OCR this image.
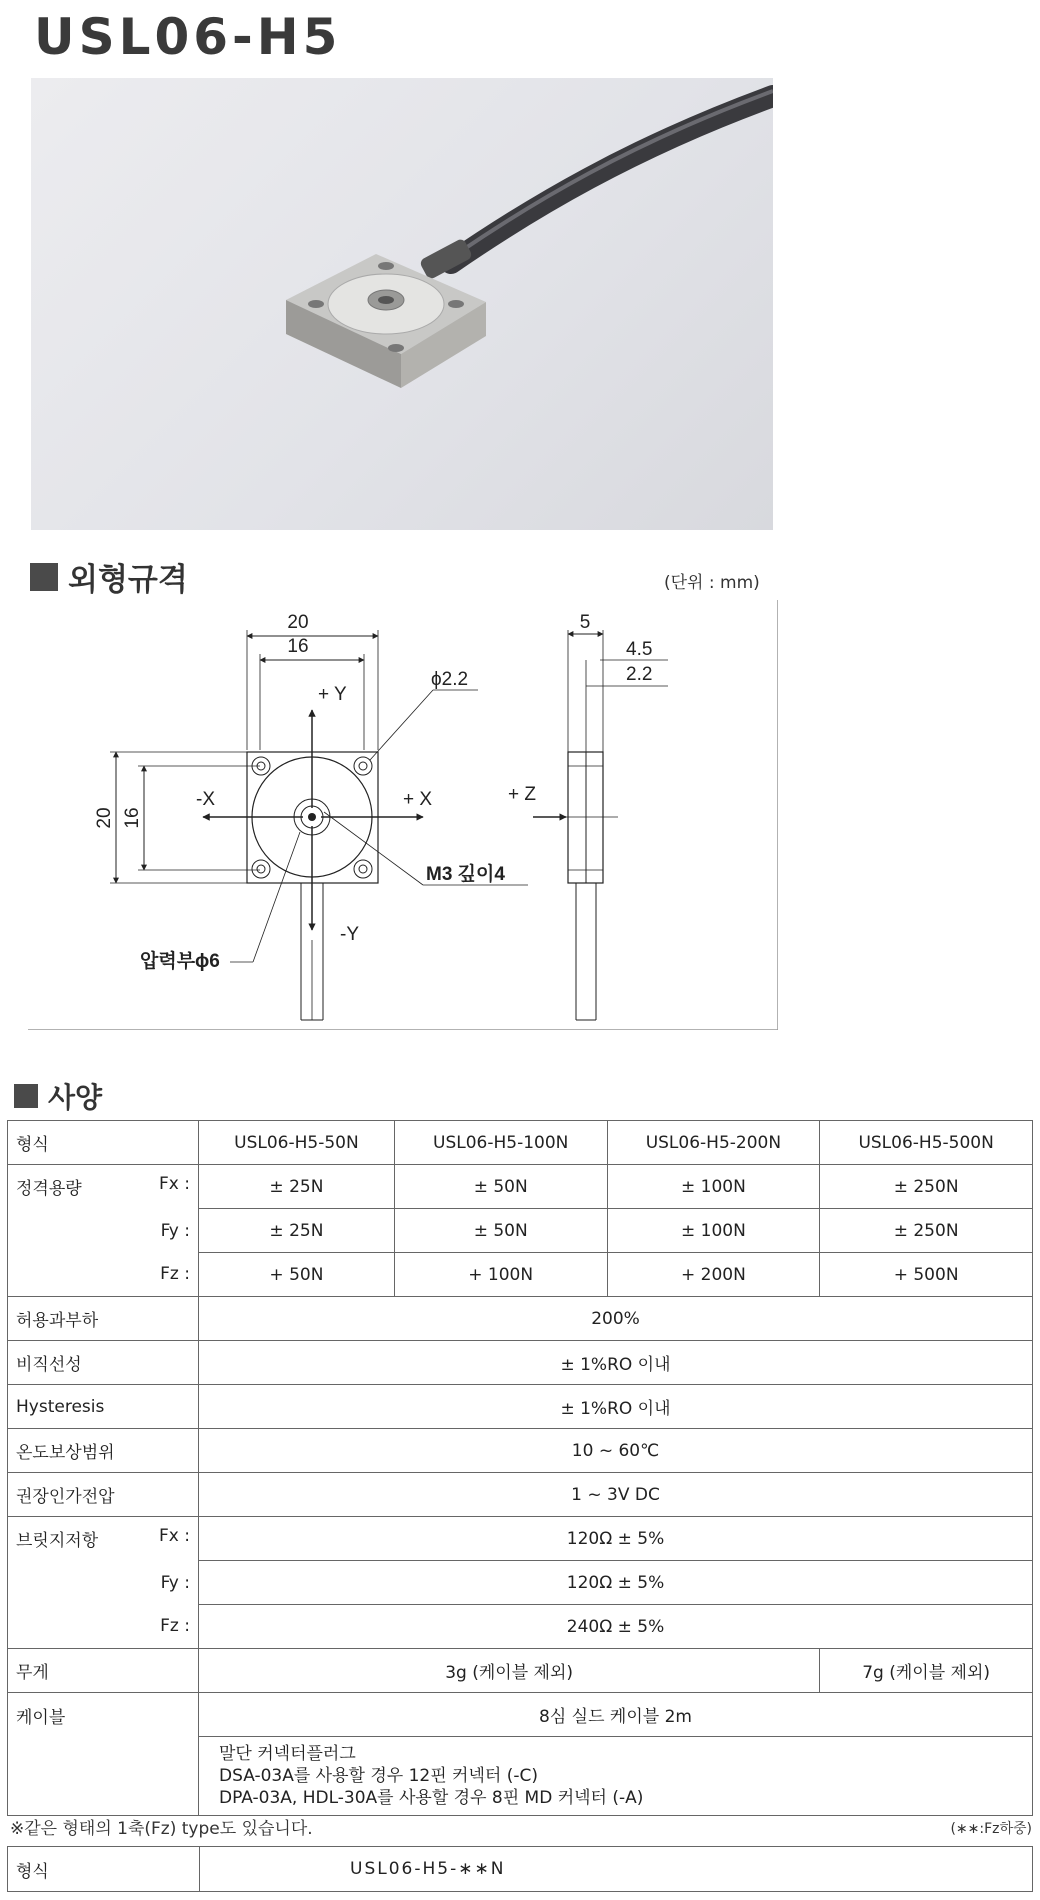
USL06-H5
외형규격	(단위 : mm)
20
16
20 16
+ Y
-Y
-X	+ X
ϕ2.2
M3 깊이4
압력부ϕ6
5
4.5
2.2
+ Z
사양
형식	USL06-H5-50N	USL06-H5-100N	USL06-H5-200N	USL06-H5-500N

정격용량 Fx :	± 25N	± 50N	± 100N	± 250N

Fy :	± 25N	± 50N	± 100N	± 250N

Fz :	+ 50N	+ 100N	+ 200N	+ 500N
허용과부하	200%			
비직선성	± 1%RO 이내			
Hysteresis	± 1%RO 이내			
온도보상범위	10 ~ 60℃			
권장인가전압	1 ~ 3V DC			

브릿지저항 Fx :	120Ω ± 5%			

Fy :	120Ω ± 5%			

Fz :	240Ω ± 5%			
무게	3g (케이블 제외)			7g (케이블 제외)
케이블	8심 실드 케이블 2m			

	말단 커넥터플러그
DSA-03A를 사용할 경우 12핀 커넥터 (-C)
DPA-03A, HDL-30A를 사용할 경우 8핀 MD 커넥터 (-A)			
※같은 형태의 1축(Fz) type도 있습니다.	(∗∗:Fz하중)
형식	USL06-H5-∗∗N
